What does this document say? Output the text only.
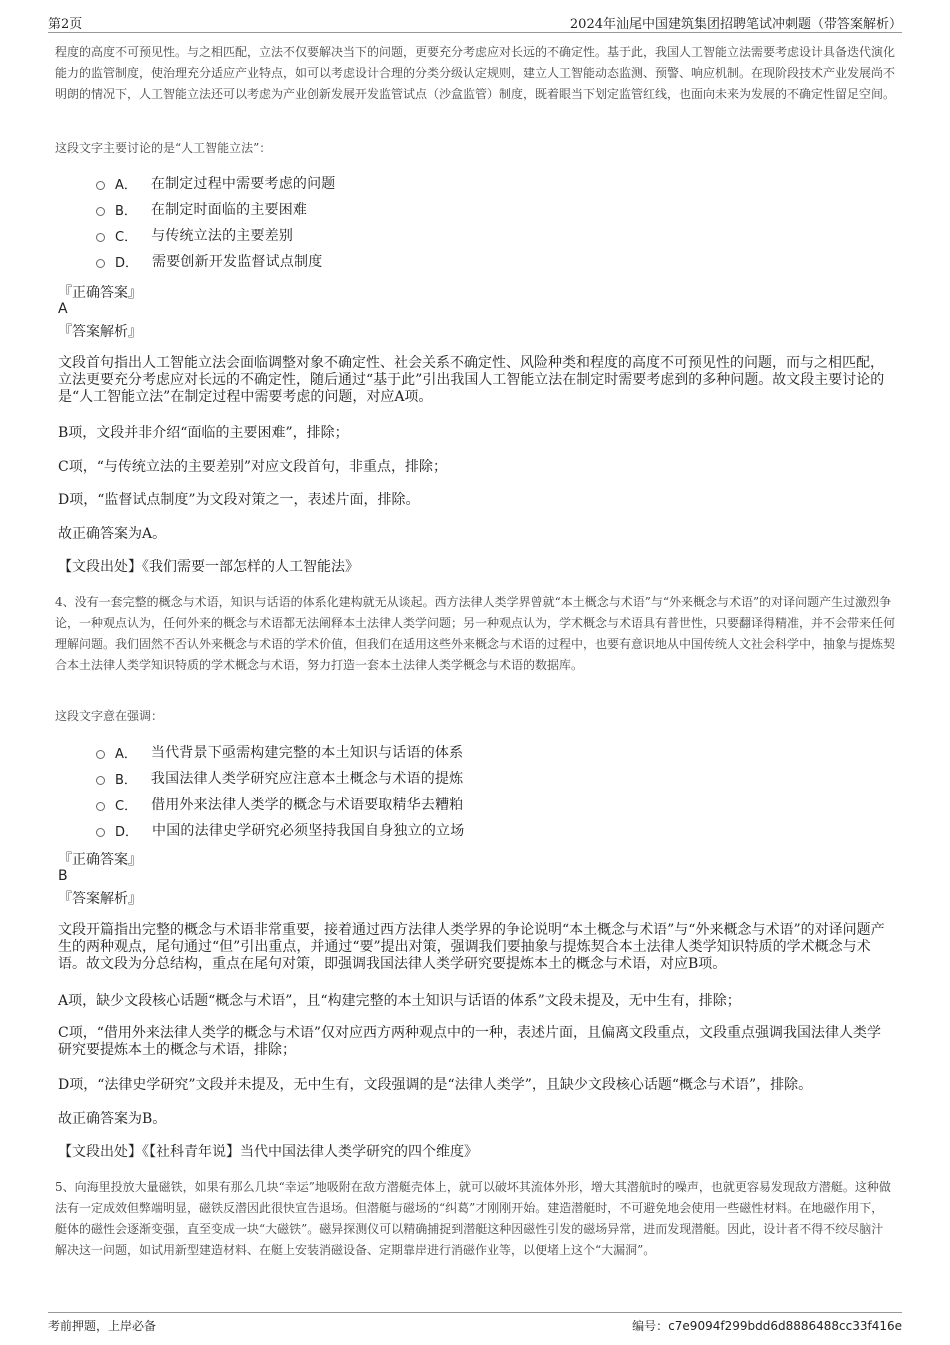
第2页	2024年汕尾中国建筑集团招聘笔试冲刺题（带答案解析）

程度的高度不可预见性。与之相匹配，立法不仅要解决当下的问题，更要充分考虑应对长远的不确定性。基于此，我国人工智能立法需要考虑设计具备迭代演化能力的监管制度，使治理充分适应产业特点，如可以考虑设计合理的分类分级认定规则，建立人工智能动态监测、预警、响应机制。在现阶段技术产业发展尚不明朗的情况下，人工智能立法还可以考虑为产业创新发展开发监管试点（沙盒监管）制度，既着眼当下划定监管红线，也面向未来为发展的不确定性留足空间。

这段文字主要讨论的是“人工智能立法”：

A． 在制定过程中需要考虑的问题
B． 在制定时面临的主要困难
C． 与传统立法的主要差别
D． 需要创新开发监督试点制度

『正确答案』

A

『答案解析』

文段首句指出人工智能立法会面临调整对象不确定性、社会关系不确定性、风险种类和程度的高度不可预见性的问题，而与之相匹配，立法更要充分考虑应对长远的不确定性，随后通过“基于此”引出我国人工智能立法在制定时需要考虑到的多种问题。故文段主要讨论的是“人工智能立法”在制定过程中需要考虑的问题，对应A项。

B项，文段并非介绍“面临的主要困难”，排除；

C项，“与传统立法的主要差别”对应文段首句，非重点，排除；

D项，“监督试点制度”为文段对策之一，表述片面，排除。

故正确答案为A。

【文段出处】《我们需要一部怎样的人工智能法》

4、没有一套完整的概念与术语，知识与话语的体系化建构就无从谈起。西方法律人类学界曾就“本土概念与术语”与“外来概念与术语”的对译问题产生过激烈争论，一种观点认为，任何外来的概念与术语都无法阐释本土法律人类学问题；另一种观点认为，学术概念与术语具有普世性，只要翻译得精准，并不会带来任何理解问题。我们固然不否认外来概念与术语的学术价值，但我们在适用这些外来概念与术语的过程中，也要有意识地从中国传统人文社会科学中，抽象与提炼契合本土法律人类学知识特质的学术概念与术语，努力打造一套本土法律人类学概念与术语的数据库。

这段文字意在强调：

A． 当代背景下亟需构建完整的本土知识与话语的体系
B． 我国法律人类学研究应注意本土概念与术语的提炼
C． 借用外来法律人类学的概念与术语要取精华去糟粕
D． 中国的法律史学研究必须坚持我国自身独立的立场

『正确答案』

B

『答案解析』

文段开篇指出完整的概念与术语非常重要，接着通过西方法律人类学界的争论说明“本土概念与术语”与“外来概念与术语”的对译问题产生的两种观点，尾句通过“但”引出重点，并通过“要”提出对策，强调我们要抽象与提炼契合本土法律人类学知识特质的学术概念与术语。故文段为分总结构，重点在尾句对策，即强调我国法律人类学研究要提炼本土的概念与术语，对应B项。

A项，缺少文段核心话题“概念与术语”，且“构建完整的本土知识与话语的体系”文段未提及，无中生有，排除；

C项，“借用外来法律人类学的概念与术语”仅对应西方两种观点中的一种，表述片面，且偏离文段重点，文段重点强调我国法律人类学研究要提炼本土的概念与术语，排除；

D项，“法律史学研究”文段并未提及，无中生有，文段强调的是“法律人类学”，且缺少文段核心话题“概念与术语”，排除。

故正确答案为B。

【文段出处】《【社科青年说】当代中国法律人类学研究的四个维度》

5、向海里投放大量磁铁，如果有那么几块“幸运”地吸附在敌方潜艇壳体上，就可以破坏其流体外形，增大其潜航时的噪声，也就更容易发现敌方潜艇。这种做法有一定成效但弊端明显，磁铁反潜因此很快宣告退场。但潜艇与磁场的“纠葛”才刚刚开始。建造潜艇时，不可避免地会使用一些磁性材料。在地磁作用下，艇体的磁性会逐渐变强，直至变成一块“大磁铁”。磁异探测仪可以精确捕捉到潜艇这种因磁性引发的磁场异常，进而发现潜艇。因此，设计者不得不绞尽脑汁解决这一问题，如试用新型建造材料、在艇上安装消磁设备、定期靠岸进行消磁作业等，以便堵上这个“大漏洞”。

考前押题，上岸必备	编号：c7e9094f299bdd6d8886488cc33f416e
